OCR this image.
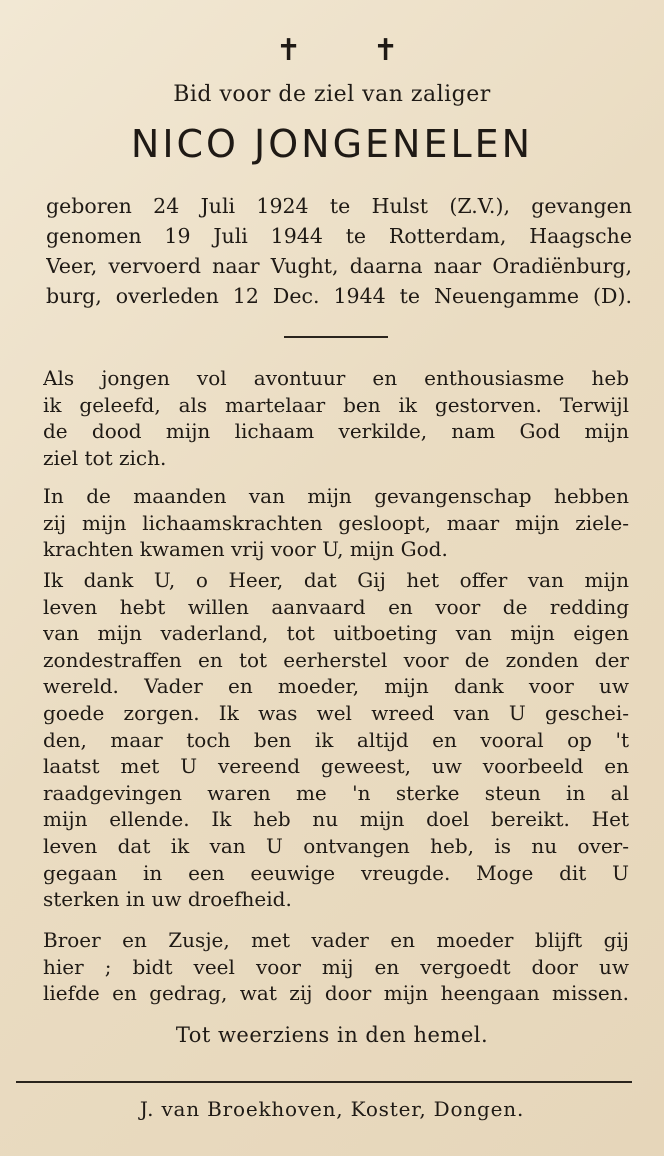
✝ ✝
Bid voor de ziel van zaliger
NICO JONGENELEN
geboren 24 Juli 1924 te Hulst (Z.V.), gevangen
genomen 19 Juli 1944 te Rotterdam, Haagsche
Veer, vervoerd naar Vught, daarna naar Oradiënburg,
burg, overleden 12 Dec. 1944 te Neuengamme (D).
Als jongen vol avontuur en enthousiasme heb
ik geleefd, als martelaar ben ik gestorven. Terwijl
de dood mijn lichaam verkilde, nam God mijn
ziel tot zich.
In de maanden van mijn gevangenschap hebben
zij mijn lichaamskrachten gesloopt, maar mijn ziele-
krachten kwamen vrij voor U, mijn God.
Ik dank U, o Heer, dat Gij het offer van mijn
leven hebt willen aanvaard en voor de redding
van mijn vaderland, tot uitboeting van mijn eigen
zondestraffen en tot eerherstel voor de zonden der
wereld. Vader en moeder, mijn dank voor uw
goede zorgen. Ik was wel wreed van U geschei-
den, maar toch ben ik altijd en vooral op 't
laatst met U vereend geweest, uw voorbeeld en
raadgevingen waren me 'n sterke steun in al
mijn ellende. Ik heb nu mijn doel bereikt. Het
leven dat ik van U ontvangen heb, is nu over-
gegaan in een eeuwige vreugde. Moge dit U
sterken in uw droefheid.
Broer en Zusje, met vader en moeder blijft gij
hier ; bidt veel voor mij en vergoedt door uw
liefde en gedrag, wat zij door mijn heengaan missen.
Tot weerziens in den hemel.
J. van Broekhoven, Koster, Dongen.
